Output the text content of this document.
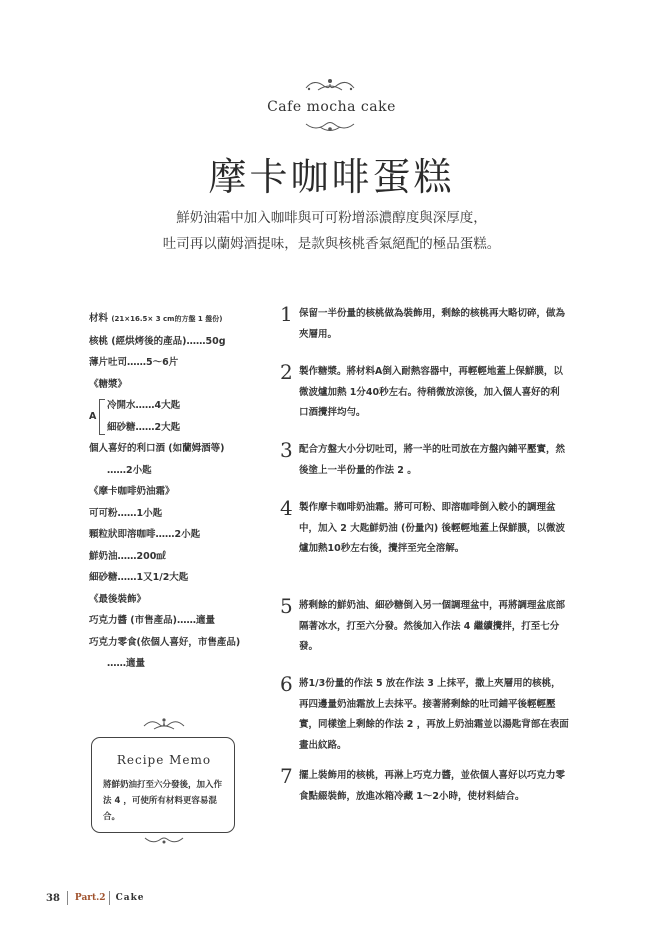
Cafe mocha cake
摩卡咖啡蛋糕
鮮奶油霜中加入咖啡與可可粉增添濃醇度與深厚度，
吐司再以蘭姆酒提味，是款與核桃香氣絕配的極品蛋糕。
材料 (21×16.5× 3 cm的方盤 1 盤份)
核桃 (經烘烤後的產品)……50g
薄片吐司……5〜6片
《糖漿》
A
冷開水……4大匙
細砂糖……2大匙
個人喜好的利口酒 (如蘭姆酒等)
……2小匙
《摩卡咖啡奶油霜》
可可粉……1小匙
顆粒狀即溶咖啡……2小匙
鮮奶油……200㎖
細砂糖……1又1/2大匙
《最後裝飾》
巧克力醬 (市售產品)……適量
巧克力零食(依個人喜好，市售產品)
……適量
1 保留一半份量的核桃做為裝飾用，剩餘的核桃再大略切碎，做為夾層用。
2 製作糖漿。將材料A倒入耐熱容器中，再輕輕地蓋上保鮮膜，以微波爐加熱 1分40秒左右。待稍微放涼後，加入個人喜好的利口酒攪拌均勻。
3 配合方盤大小分切吐司，將一半的吐司放在方盤內鋪平壓實，然後塗上一半份量的作法 2 。
4 製作摩卡咖啡奶油霜。將可可粉、即溶咖啡倒入較小的調理盆中，加入 2 大匙鮮奶油 (份量內) 後輕輕地蓋上保鮮膜，以微波爐加熱10秒左右後，攪拌至完全溶解。
5 將剩餘的鮮奶油、細砂糖倒入另一個調理盆中，再將調理盆底部隔著冰水，打至六分發。然後加入作法 4 繼續攪拌，打至七分發。
6 將1/3份量的作法 5 放在作法 3 上抹平，撒上夾層用的核桃，再四邊量奶油霜放上去抹平。接著將剩餘的吐司鋪平後輕輕壓實，同樣塗上剩餘的作法 2 ，再放上奶油霜並以湯匙背部在表面畫出紋路。
7 擺上裝飾用的核桃，再淋上巧克力醬，並依個人喜好以巧克力零食點綴裝飾，放進冰箱冷藏 1〜2小時，使材料結合。
Recipe Memo
將鮮奶油打至六分發後，加入作法 4 ，可使所有材料更容易混合。
38 Part.2 Cake
